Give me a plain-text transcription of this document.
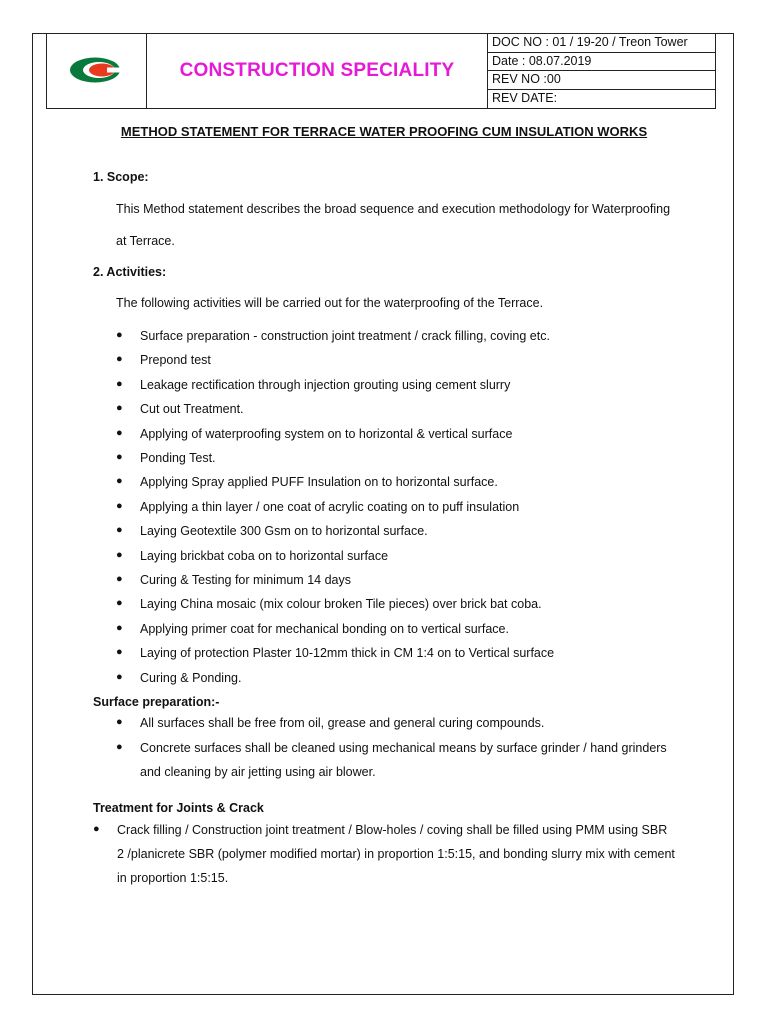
CONSTRUCTION SPECIALITY
DOC NO : 01 / 19-20 / Treon Tower
Date : 08.07.2019
REV NO :00
REV DATE:
METHOD STATEMENT FOR TERRACE WATER PROOFING CUM INSULATION WORKS
1. Scope:
This Method statement describes the broad sequence and execution methodology for Waterproofing
at Terrace.
2. Activities:
The following activities will be carried out for the waterproofing of the Terrace.
● Surface preparation - construction joint treatment / crack filling, coving etc.
● Prepond test
● Leakage rectification through injection grouting using cement slurry
● Cut out Treatment.
● Applying of waterproofing system on to horizontal & vertical surface
● Ponding Test.
● Applying Spray applied PUFF Insulation on to horizontal surface.
● Applying a thin layer / one coat of acrylic coating on to puff insulation
● Laying Geotextile 300 Gsm on to horizontal surface.
● Laying brickbat coba on to horizontal surface
● Curing & Testing for minimum 14 days
● Laying China mosaic (mix colour broken Tile pieces) over brick bat coba.
● Applying primer coat for mechanical bonding on to vertical surface.
● Laying of protection Plaster 10-12mm thick in CM 1:4 on to Vertical surface
● Curing & Ponding.
Surface preparation:-
● All surfaces shall be free from oil, grease and general curing compounds.
● Concrete surfaces shall be cleaned using mechanical means by surface grinder / hand grinders
and cleaning by air jetting using air blower.
Treatment for Joints & Crack
● Crack filling / Construction joint treatment / Blow-holes / coving shall be filled using PMM using SBR
2 /planicrete SBR (polymer modified mortar) in proportion 1:5:15, and bonding slurry mix with cement
in proportion 1:5:15.
